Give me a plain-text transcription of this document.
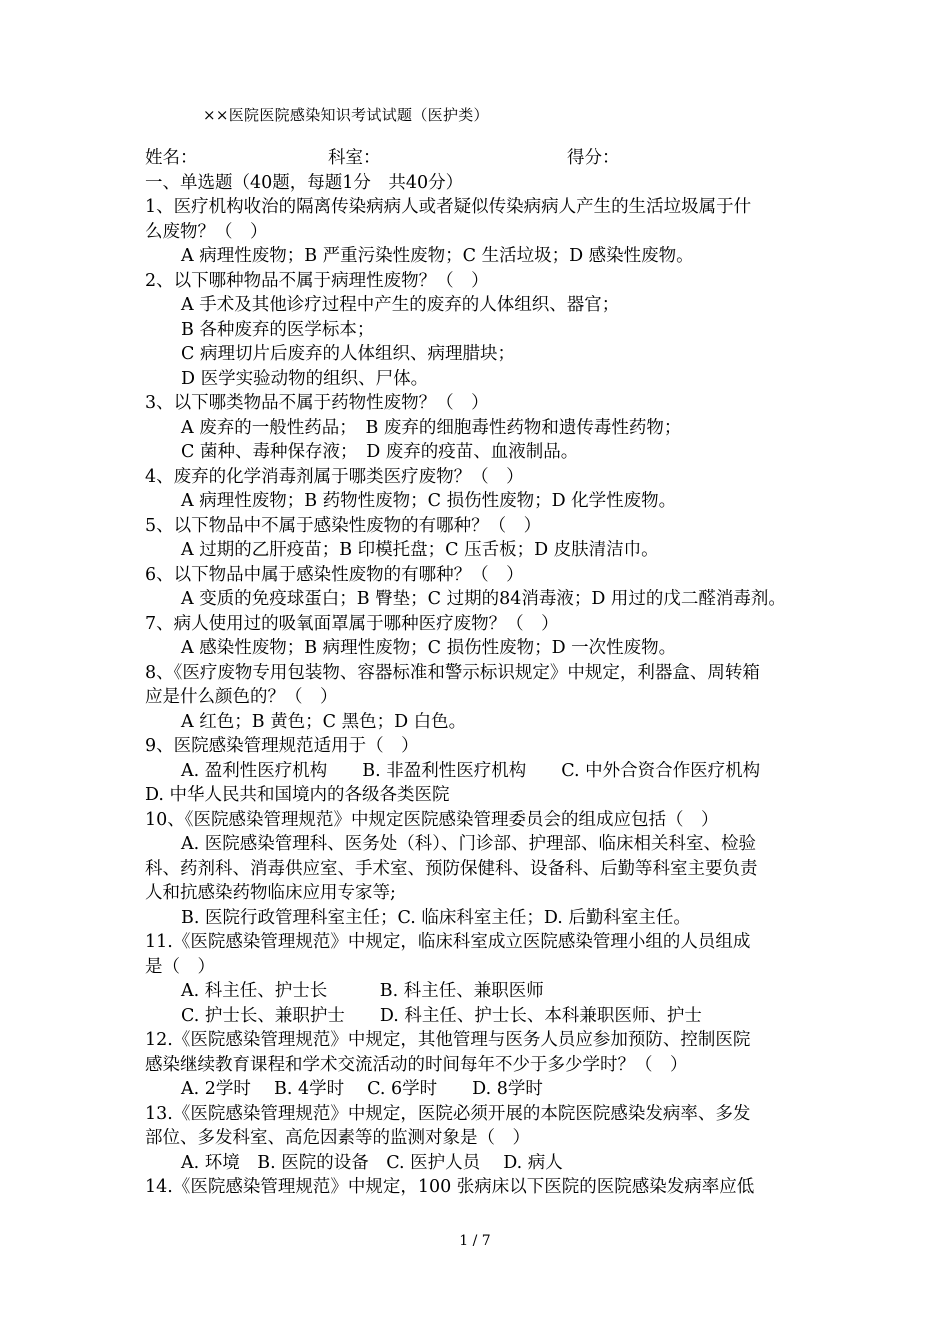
××医院医院感染知识考试试题（医护类）
姓名：	科室：	得分：
一、单选题（40题，每题1分　共40分）
1、医疗机构收治的隔离传染病病人或者疑似传染病病人产生的生活垃圾属于什
么废物？（　）
A 病理性废物；B 严重污染性废物；C 生活垃圾；D 感染性废物。
2、以下哪种物品不属于病理性废物？（　）
A 手术及其他诊疗过程中产生的废弃的人体组织、器官；
B 各种废弃的医学标本；
C 病理切片后废弃的人体组织、病理腊块；
D 医学实验动物的组织、尸体。
3、以下哪类物品不属于药物性废物？（　）
A 废弃的一般性药品；　B 废弃的细胞毒性药物和遗传毒性药物；
C 菌种、毒种保存液；　D 废弃的疫苗、血液制品。
4、废弃的化学消毒剂属于哪类医疗废物？（　）
A 病理性废物；B 药物性废物；C 损伤性废物；D 化学性废物。
5、以下物品中不属于感染性废物的有哪种？（　）
A 过期的乙肝疫苗；B 印模托盘；C 压舌板；D 皮肤清洁巾。
6、以下物品中属于感染性废物的有哪种？（　）
A 变质的免疫球蛋白；B 臀垫；C 过期的84消毒液；D 用过的戊二醛消毒剂。
7、病人使用过的吸氧面罩属于哪种医疗废物？（　）
A 感染性废物；B 病理性废物；C 损伤性废物；D 一次性废物。
8、《医疗废物专用包装物、容器标准和警示标识规定》中规定，利器盒、周转箱
应是什么颜色的？（　）
A 红色；B 黄色；C 黑色；D 白色。
9、医院感染管理规范适用于（　）
A. 盈利性医疗机构　　B. 非盈利性医疗机构　　C. 中外合资合作医疗机构
D. 中华人民共和国境内的各级各类医院
10、《医院感染管理规范》中规定医院感染管理委员会的组成应包括（　）
A. 医院感染管理科、医务处（科）、门诊部、护理部、临床相关科室、检验
科、药剂科、消毒供应室、手术室、预防保健科、设备科、后勤等科室主要负责
人和抗感染药物临床应用专家等;
B. 医院行政管理科室主任；C. 临床科室主任；D. 后勤科室主任。
11.《医院感染管理规范》中规定，临床科室成立医院感染管理小组的人员组成
是（　）
A. 科主任、护士长　　　B. 科主任、兼职医师
C. 护士长、兼职护士　　D. 科主任、护士长、本科兼职医师、护士
12.《医院感染管理规范》中规定，其他管理与医务人员应参加预防、控制医院
感染继续教育课程和学术交流活动的时间每年不少于多少学时？（　）
A. 2学时　 B. 4学时　 C. 6学时　　D. 8学时
13.《医院感染管理规范》中规定，医院必须开展的本院医院感染发病率、多发
部位、多发科室、高危因素等的监测对象是（　）
A. 环境　B. 医院的设备　C. 医护人员　 D. 病人
14.《医院感染管理规范》中规定，100 张病床以下医院的医院感染发病率应低
1 / 7
